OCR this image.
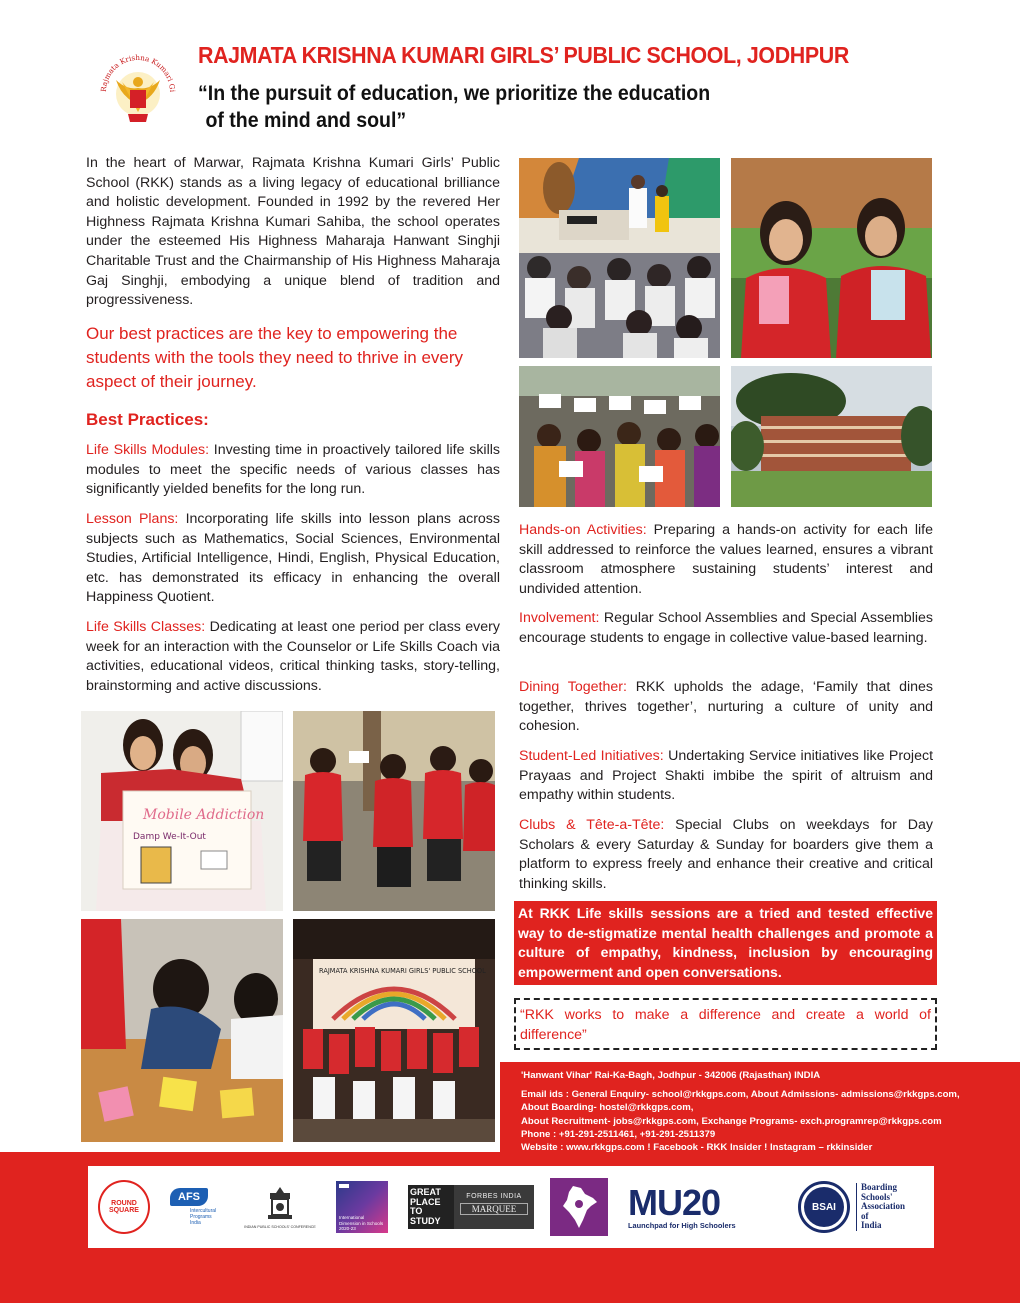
Rajmata Krishna Kumari Gi
RAJMATA KRISHNA KUMARI GIRLS’ PUBLIC SCHOOL, JODHPUR
“In the pursuit of education, we prioritize the education
of the mind and soul”
In the heart of Marwar, Rajmata Krishna Kumari Girls’ Public School (RKK) stands as a living legacy of educational brilliance and holistic development. Founded in 1992 by the revered Her Highness Rajmata Krishna Kumari Sahiba, the school operates under the esteemed His Highness Maharaja Hanwant Singhji Charitable Trust and the Chairmanship of His Highness Maharaja Gaj Singhji, embodying a unique blend of tradition and progressiveness.
Our best practices are the key to empowering the students with the tools they need to thrive in every aspect of their journey.
Best Practices:
Life Skills Modules: Investing time in proactively tailored life skills modules to meet the specific needs of various classes has significantly yielded benefits for the long run.
Lesson Plans: Incorporating life skills into lesson plans across subjects such as Mathematics, Social Sciences, Environmental Studies, Artificial Intelligence, Hindi, English, Physical Education, etc. has demonstrated its efficacy in enhancing the overall Happiness Quotient.
Life Skills Classes: Dedicating at least one period per class every week for an interaction with the Counselor or Life Skills Coach via activities, educational videos, critical thinking tasks, story-telling, brainstorming and active discussions.
Hands-on Activities: Preparing a hands-on activity for each life skill addressed to reinforce the values learned, ensures a vibrant classroom atmosphere sustaining students’ interest and undivided attention.
Involvement: Regular School Assemblies and Special Assemblies encourage students to engage in collective value-based learning.
Dining Together: RKK upholds the adage, ‘Family that dines together, thrives together’, nurturing a culture of unity and cohesion.
Student-Led Initiatives: Undertaking Service initiatives like Project Prayaas and Project Shakti imbibe the spirit of altruism and empathy within students.
Clubs & Tête-a-Tête: Special Clubs on weekdays for Day Scholars & every Saturday & Sunday for boarders give them a platform to express freely and enhance their creative and critical thinking skills.
Mobile Addiction
Damp We-It-Out
RAJMATA KRISHNA KUMARI GIRLS' PUBLIC SCHOOL
At RKK Life skills sessions are a tried and tested effective way to de-stigmatize mental health challenges and promote a culture of empathy, kindness, inclusion by encouraging empowerment and open conversations.
“RKK works to make a difference and create a world of difference”
'Hanwant Vihar' Rai-Ka-Bagh, Jodhpur - 342006 (Rajasthan) INDIA
Email ids : General Enquiry- school@rkkgps.com, About Admissions- admissions@rkkgps.com,
About Boarding- hostel@rkkgps.com,
About Recruitment- jobs@rkkgps.com, Exchange Programs- exch.programrep@rkkgps.com
Phone : +91-291-2511461, +91-291-2511379
Website : www.rkkgps.com ! Facebook - RKK Insider ! Instagram – rkkinsider
ROUND
SQUARE
AFS
Intercultural
Programs
India
INDIAN PUBLIC SCHOOLS' CONFERENCE
International
Dimension in Schools
2020-23
GREAT
PLACE
TO
STUDY
FORBES INDIA
MARQUEE	MU20
Launchpad for High Schoolers
BSAI
Boarding
Schools'
Association
of
India
